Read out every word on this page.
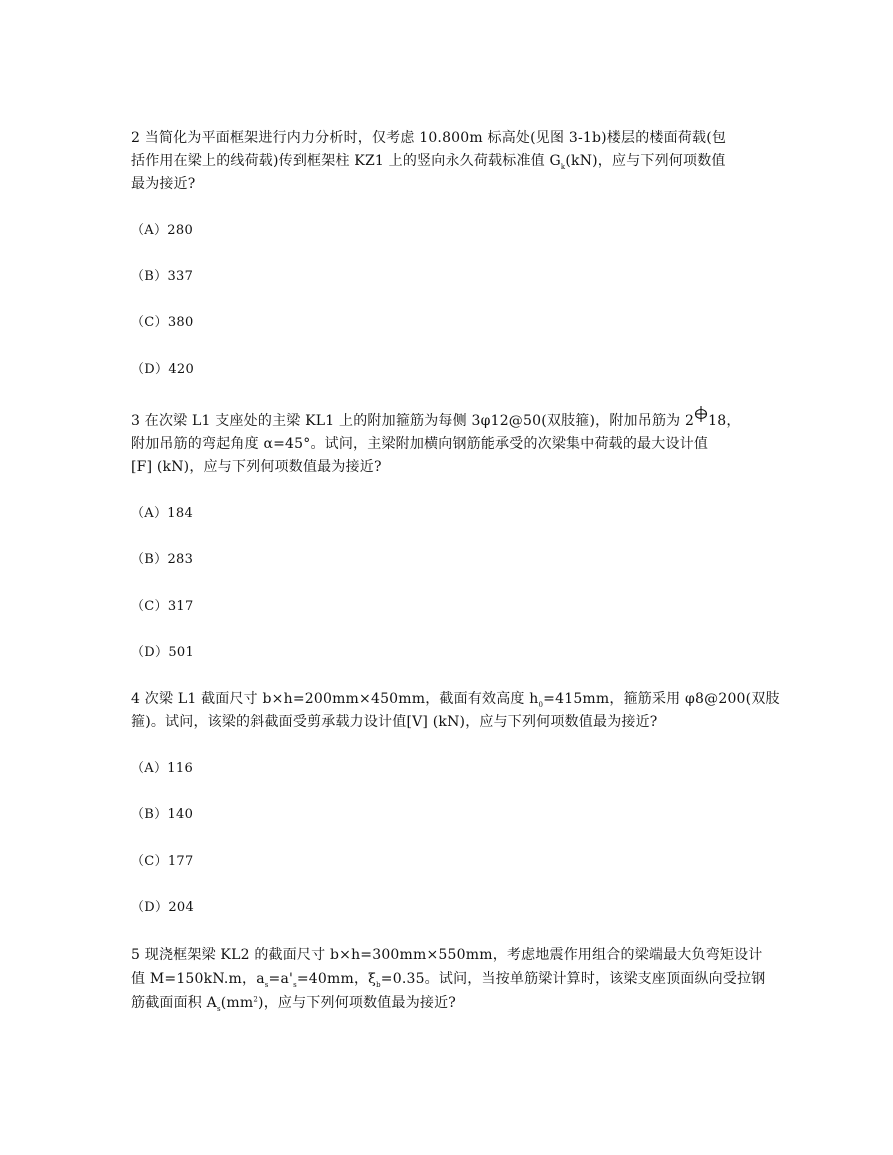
2 当简化为平面框架进行内力分析时，仅考虑 10.800m 标高处(见图 3-1b)楼层的楼面荷载(包
括作用在梁上的线荷载)传到框架柱 KZ1 上的竖向永久荷载标准值 $G_k(kN)$，应与下列何项数值
最为接近?
（A）280
（B）337
（C）380
（D）420
3 在次梁 L1 支座处的主梁 KL1 上的附加箍筋为每侧 3φ12@50(双肢箍)，附加吊筋为 2 18，
附加吊筋的弯起角度 α=45°。试问，主梁附加横向钢筋能承受的次梁集中荷载的最大设计值
[F] (kN)，应与下列何项数值最为接近?
（A）184
（B）283
（C）317
（D）501
4 次梁 L1 截面尺寸 b×h=200mm×450mm，截面有效高度 $h_0=415mm$，箍筋采用 φ8@200(双肢
箍)。试问，该梁的斜截面受剪承载力设计值[V] (kN)，应与下列何项数值最为接近?
（A）116
（B）140
（C）177
（D）204
5 现浇框架梁 KL2 的截面尺寸 b×h=300mm×550mm，考虑地震作用组合的梁端最大负弯矩设计
值 M=150kN.m，$a_s=a'_s=40mm$，$\xi_b=0.35$。试问，当按单筋梁计算时，该梁支座顶面纵向受拉钢
筋截面面积 $A_s(mm^2)$，应与下列何项数值最为接近?
